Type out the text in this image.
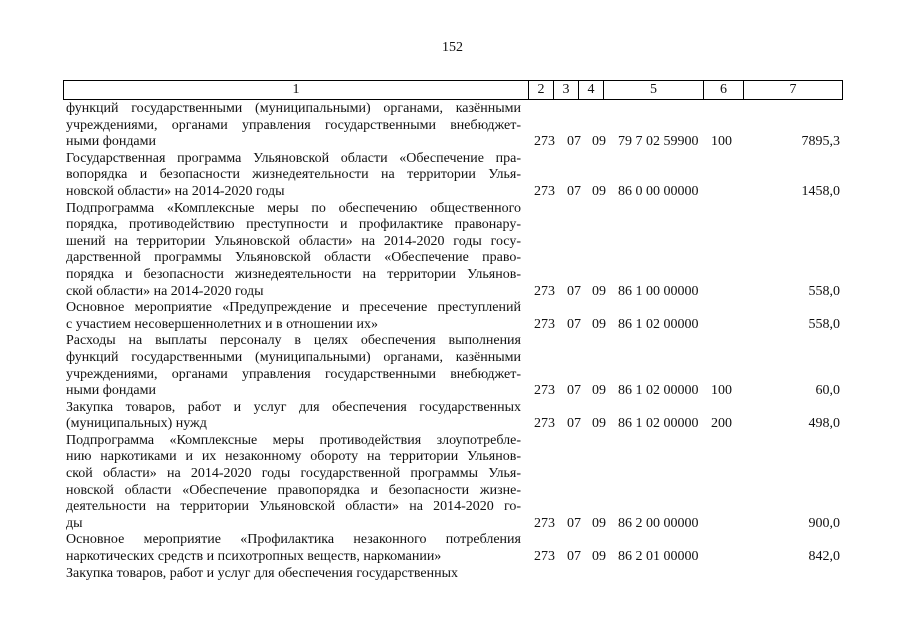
152
1	2	3	4	5	6	7
функций государственными (муниципальными) органами, казёнными
учреждениями, органами управления государственными внебюджет-
ными фондами	273 07 09 79 7 02 59900 100	7895,3
Государственная программа Ульяновской области «Обеспечение пра-
вопорядка и безопасности жизнедеятельности на территории Улья-
новской области» на 2014-2020 годы	273 07 09 86 0 00 00000	1458,0
Подпрограмма «Комплексные меры по обеспечению общественного
порядка, противодействию преступности и профилактике правонару-
шений на территории Ульяновской области» на 2014-2020 годы госу-
дарственной программы Ульяновской области «Обеспечение право-
порядка и безопасности жизнедеятельности на территории Ульянов-
ской области» на 2014-2020 годы	273 07 09 86 1 00 00000	558,0
Основное мероприятие «Предупреждение и пресечение преступлений
с участием несовершеннолетних и в отношении их»	273 07 09 86 1 02 00000	558,0
Расходы на выплаты персоналу в целях обеспечения выполнения
функций государственными (муниципальными) органами, казёнными
учреждениями, органами управления государственными внебюджет-
ными фондами	273 07 09 86 1 02 00000 100	60,0
Закупка товаров, работ и услуг для обеспечения государственных
(муниципальных) нужд	273 07 09 86 1 02 00000 200	498,0
Подпрограмма «Комплексные меры противодействия злоупотребле-
нию наркотиками и их незаконному обороту на территории Ульянов-
ской области» на 2014-2020 годы государственной программы Улья-
новской области «Обеспечение правопорядка и безопасности жизне-
деятельности на территории Ульяновской области» на 2014-2020 го-
ды	273 07 09 86 2 00 00000	900,0
Основное мероприятие «Профилактика незаконного потребления
наркотических средств и психотропных веществ, наркомании»	273 07 09 86 2 01 00000	842,0
Закупка товаров, работ и услуг для обеспечения государственных
